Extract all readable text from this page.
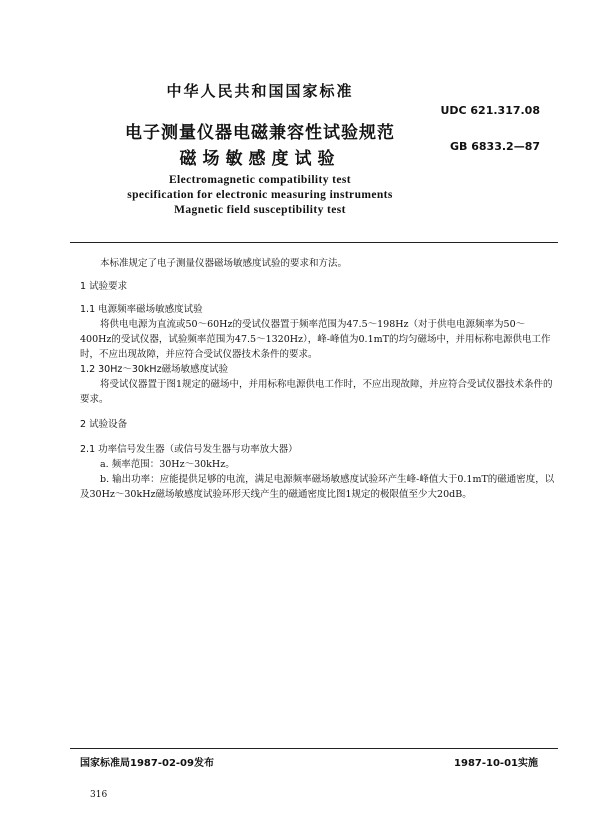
中华人民共和国国家标准
UDC 621.317.08
电子测量仪器电磁兼容性试验规范
GB 6833.2—87
磁场敏感度试验
Electromagnetic compatibility test
specification for electronic measuring instruments
Magnetic field susceptibility test

本标准规定了电子测量仪器磁场敏感度试验的要求和方法。

1 试验要求

1.1 电源频率磁场敏感度试验

将供电电源为直流或50～60Hz的受试仪器置于频率范围为47.5～198Hz（对于供电电源频率为50～400Hz的受试仪器，试验频率范围为47.5～1320Hz），峰-峰值为0.1mT的均匀磁场中，并用标称电源供电工作时，不应出现故障，并应符合受试仪器技术条件的要求。

1.2 30Hz～30kHz磁场敏感度试验

将受试仪器置于图1规定的磁场中，并用标称电源供电工作时，不应出现故障，并应符合受试仪器技术条件的要求。

2 试验设备

2.1 功率信号发生器（或信号发生器与功率放大器）

a. 频率范围：30Hz～30kHz。

b. 输出功率：应能提供足够的电流，满足电源频率磁场敏感度试验环产生峰-峰值大于0.1mT的磁通密度，以及30Hz～30kHz磁场敏感度试验环形天线产生的磁通密度比图1规定的极限值至少大20dB。

国家标准局1987-02-09发布	1987-10-01实施
316
